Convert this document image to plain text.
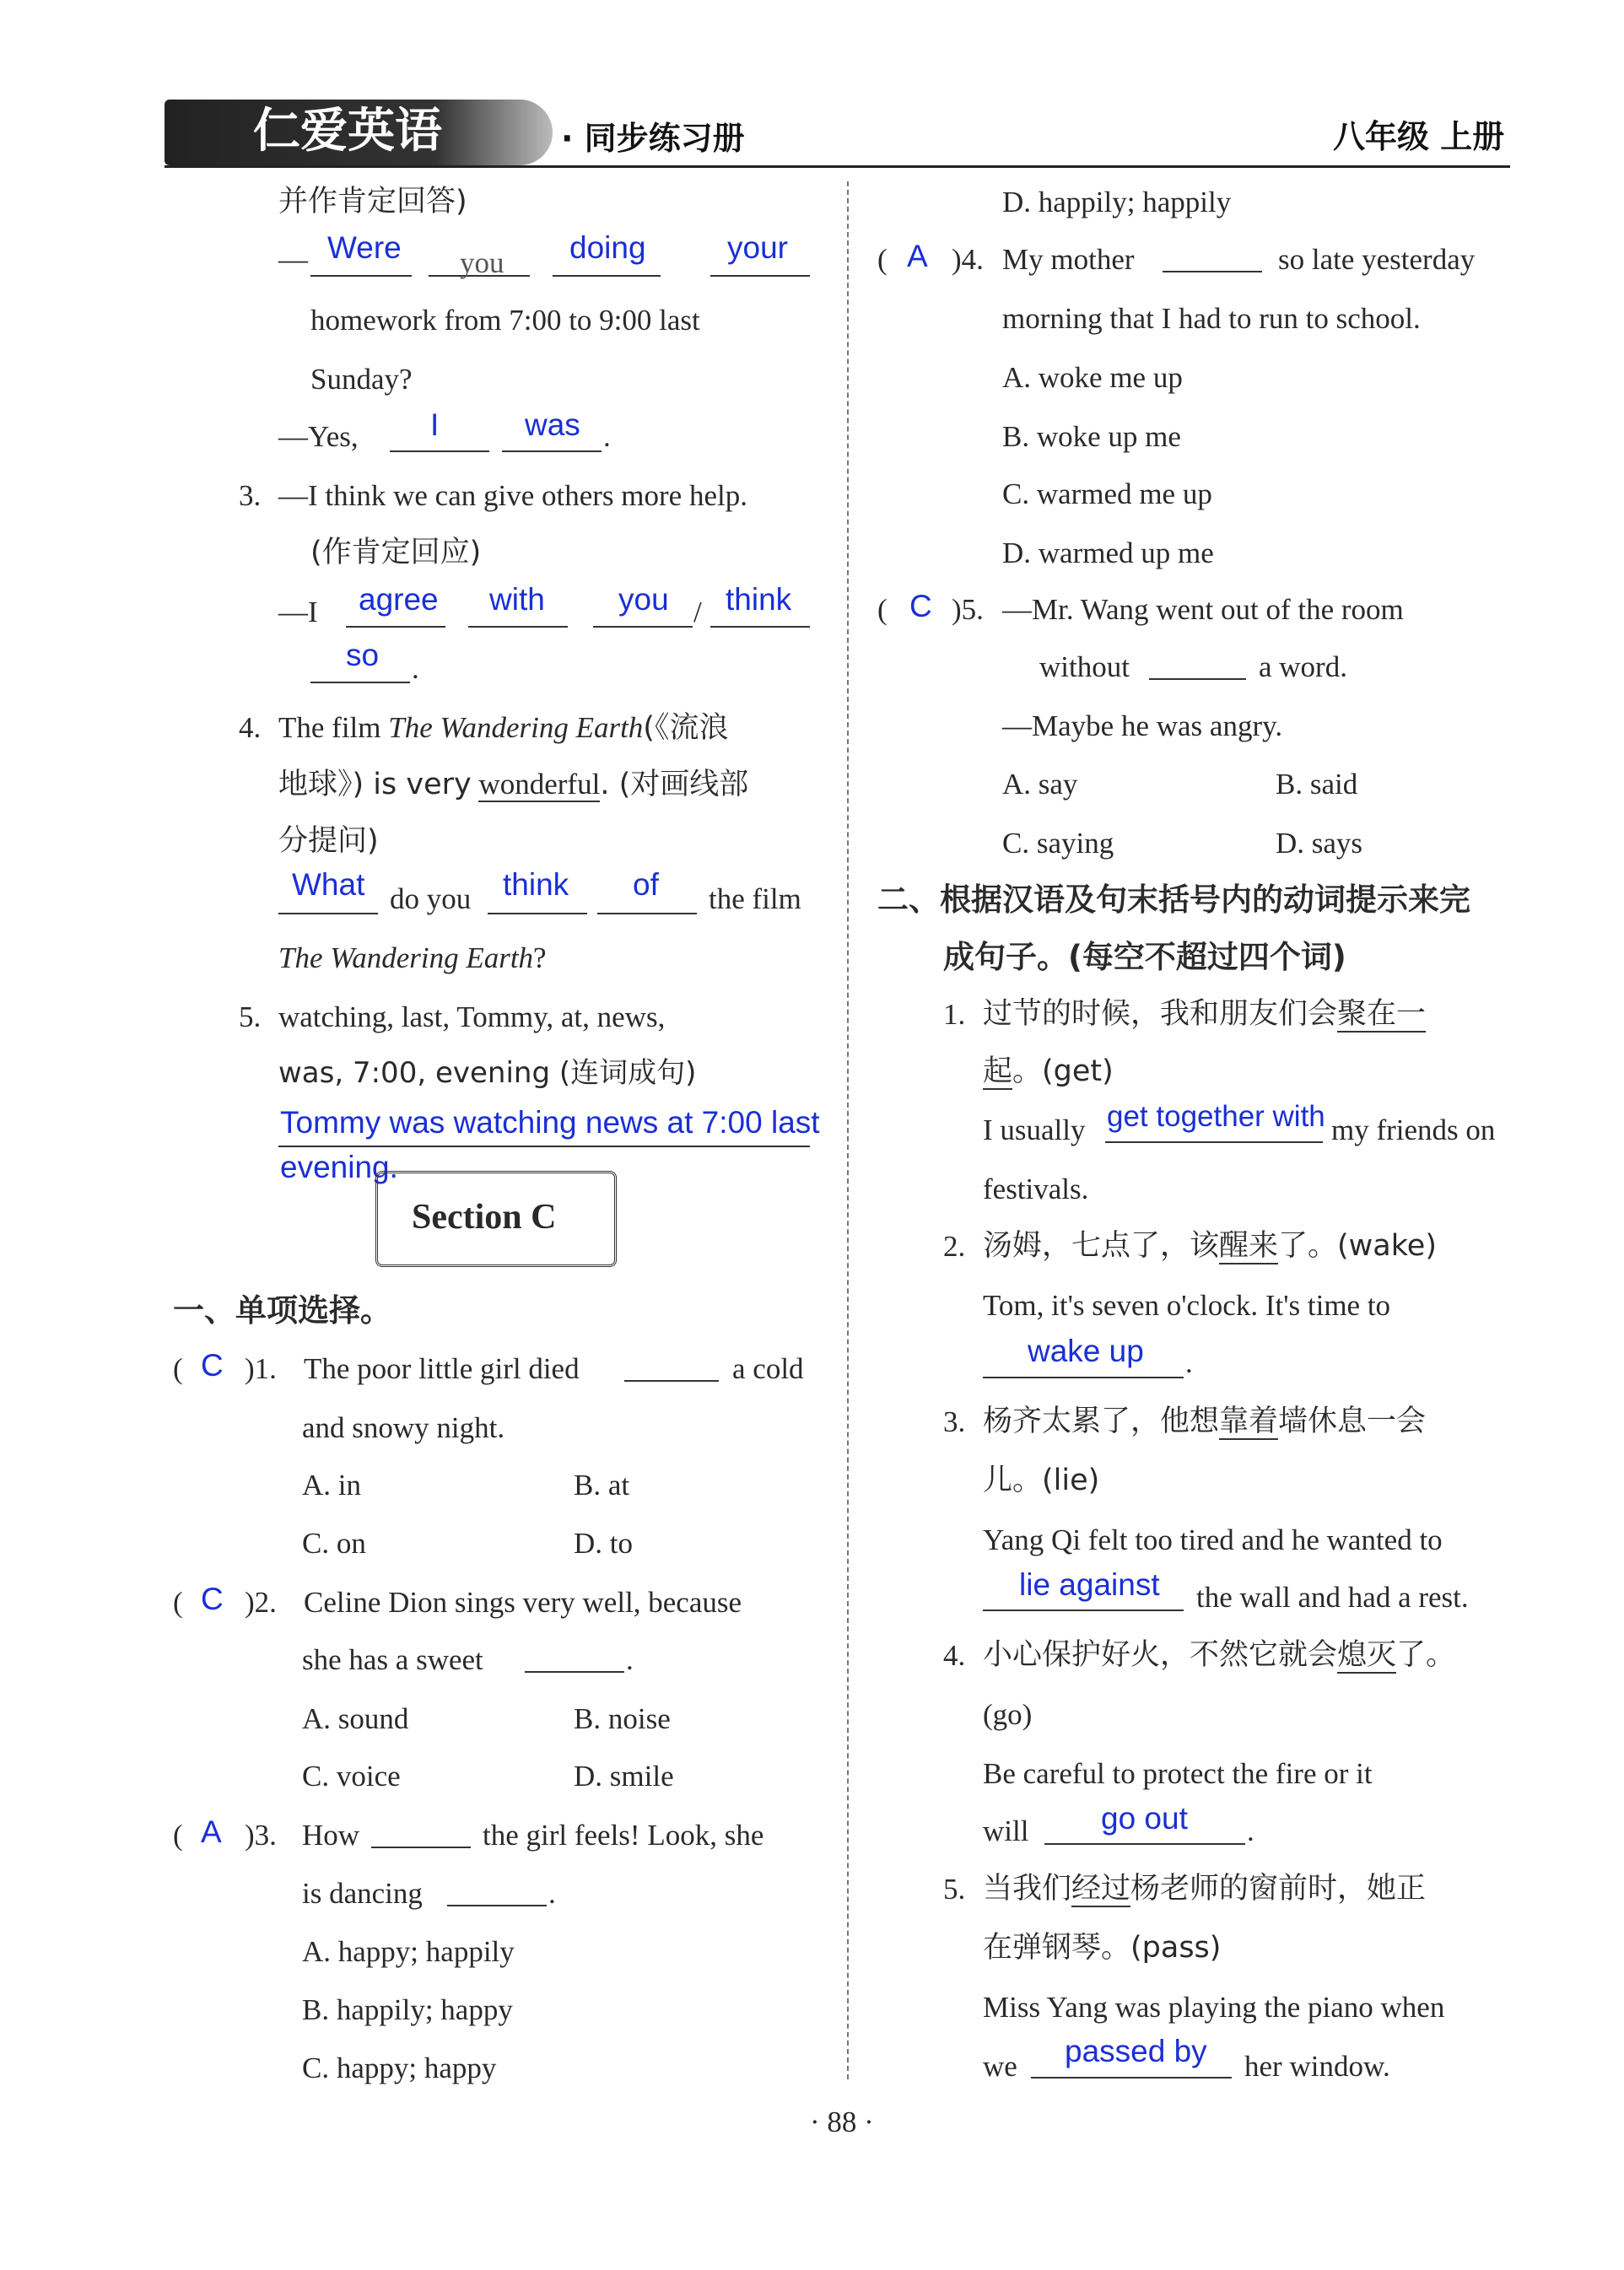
仁爱英语	· 同步练习册	八年级 上册
并作肯定回答)
— Were you doing	your
homework from 7:00 to 9:00 last
Sunday?
—Yes, I	was .
3. —I think we can give others more help.
(作肯定回应)
—I agree with you / think
so .
4. The film The Wandering Earth(《流浪
地球》) is very wonderful. (对画线部
分提问)
What do you think of the film
The Wandering Earth?
5. watching, last, Tommy, at, news,
was, 7:00, evening (连词成句)
Tommy was watching news at 7:00 last
evening.
Section C
一、单项选择。
( C )1. The poor little girl died	a cold
and snowy night.
A. in	B. at
C. on	D. to
( C )2. Celine Dion sings very well, because
she has a sweet	.
A. sound	B. noise
C. voice	D. smile
( A )3. How	the girl feels! Look, she
is dancing	.
A. happy; happily
B. happily; happy
C. happy; happy
D. happily; happily
( A )4. My mother	so late yesterday
morning that I had to run to school.
A. woke me up
B. woke up me
C. warmed me up
D. warmed up me
( C )5. —Mr. Wang went out of the room
without	a word.
—Maybe he was angry.
A. say	B. said
C. saying	D. says
二、根据汉语及句末括号内的动词提示来完
成句子。(每空不超过四个词)
1. 过节的时候，我和朋友们会聚在一
起。(get)
I usually get together with my friends on
festivals.
2. 汤姆，七点了，该醒来了。(wake)
Tom, it's seven o'clock. It's time to
wake up .
3. 杨齐太累了，他想靠着墙休息一会
儿。(lie)
Yang Qi felt too tired and he wanted to
lie against the wall and had a rest.
4. 小心保护好火，不然它就会熄灭了。
(go)
Be careful to protect the fire or it
will go out .
5. 当我们经过杨老师的窗前时，她正
在弹钢琴。(pass)
Miss Yang was playing the piano when
we passed by her window.
· 88 ·
